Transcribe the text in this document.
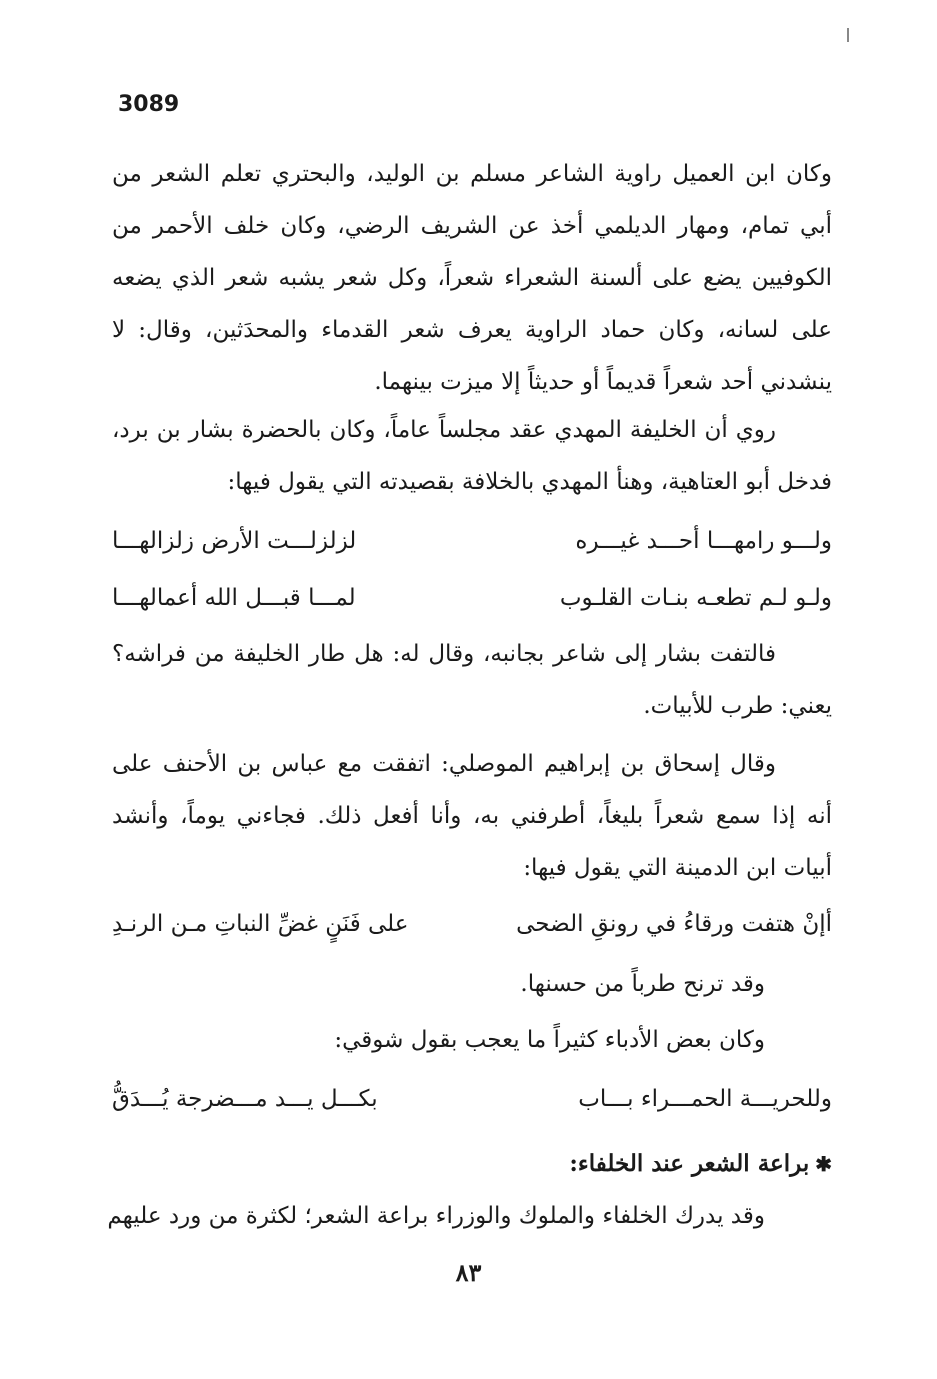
3089

وكان ابن العميل راوية الشاعر مسلم بن الوليد، والبحتري تعلم الشعر من أبي تمام، ومهار الديلمي أخذ عن الشريف الرضي، وكان خلف الأحمر من الكوفيين يضع على ألسنة الشعراء شعراً، وكل شعر يشبه شعر الذي يضعه على لسانه، وكان حماد الراوية يعرف شعر القدماء والمحدَثين، وقال: لا ينشدني أحد شعراً قديماً أو حديثاً إلا ميزت بينهما.

روي أن الخليفة المهدي عقد مجلساً عاماً، وكان بالحضرة بشار بن برد، فدخل أبو العتاهية، وهنأ المهدي بالخلافة بقصيدته التي يقول فيها:

ولـــو رامهـــا أحـــد غيـــره
لزلزلـــت الأرض زلزالهـــا
ولـو لـم تطعـه بنـات القلـوب
لمـــا قبـــل الله أعمالهـــا

فالتفت بشار إلى شاعر بجانبه، وقال له: هل طار الخليفة من فراشه؟ يعني: طرب للأبيات.

وقال إسحاق بن إبراهيم الموصلي: اتفقت مع عباس بن الأحنف على أنه إذا سمع شعراً بليغاً، أطرفني به، وأنا أفعل ذلك. فجاءني يوماً، وأنشد أبيات ابن الدمينة التي يقول فيها:

أإنْ هتفت ورقاءُ في رونقِ الضحى
على فَنَنٍ غضِّ النباتِ مـن الرنـدِ
وقد ترنح طرباً من حسنها.
وكان بعض الأدباء كثيراً ما يعجب بقول شوقي:
وللحريـــة الحمـــراء بـــاب
بكـــل يـــد مـــضرجة يُـــدَقُّ
✱براعة الشعر عند الخلفاء:
وقد يدرك الخلفاء والملوك والوزراء براعة الشعر؛ لكثرة من ورد عليهم
٨٣
